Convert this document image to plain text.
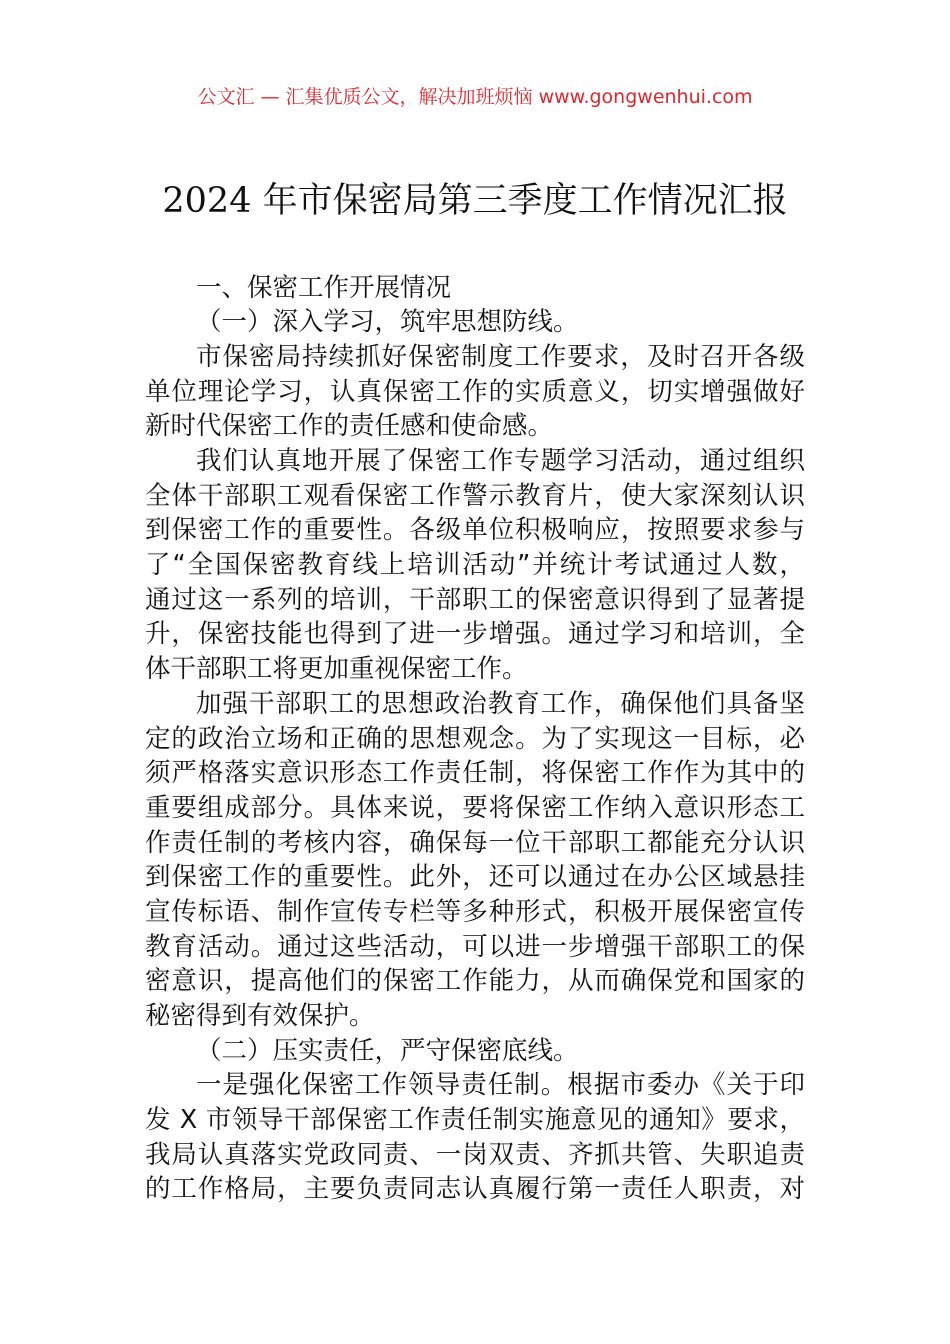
公文汇 — 汇集优质公文，解决加班烦恼 www.gongwenhui.com
2024 年市保密局第三季度工作情况汇报
一、保密工作开展情况
（一）深入学习，筑牢思想防线。
市保密局持续抓好保密制度工作要求，及时召开各级
单位理论学习，认真保密工作的实质意义，切实增强做好
新时代保密工作的责任感和使命感。
我们认真地开展了保密工作专题学习活动，通过组织
全体干部职工观看保密工作警示教育片，使大家深刻认识
到保密工作的重要性。各级单位积极响应，按照要求参与
了“全国保密教育线上培训活动”并统计考试通过人数，
通过这一系列的培训，干部职工的保密意识得到了显著提
升，保密技能也得到了进一步增强。通过学习和培训，全
体干部职工将更加重视保密工作。
加强干部职工的思想政治教育工作，确保他们具备坚
定的政治立场和正确的思想观念。为了实现这一目标，必
须严格落实意识形态工作责任制，将保密工作作为其中的
重要组成部分。具体来说，要将保密工作纳入意识形态工
作责任制的考核内容，确保每一位干部职工都能充分认识
到保密工作的重要性。此外，还可以通过在办公区域悬挂
宣传标语、制作宣传专栏等多种形式，积极开展保密宣传
教育活动。通过这些活动，可以进一步增强干部职工的保
密意识，提高他们的保密工作能力，从而确保党和国家的
秘密得到有效保护。
（二）压实责任，严守保密底线。
一是强化保密工作领导责任制。根据市委办《关于印
发 X 市领导干部保密工作责任制实施意见的通知》要求，
我局认真落实党政同责、一岗双责、齐抓共管、失职追责
的工作格局，主要负责同志认真履行第一责任人职责，对
